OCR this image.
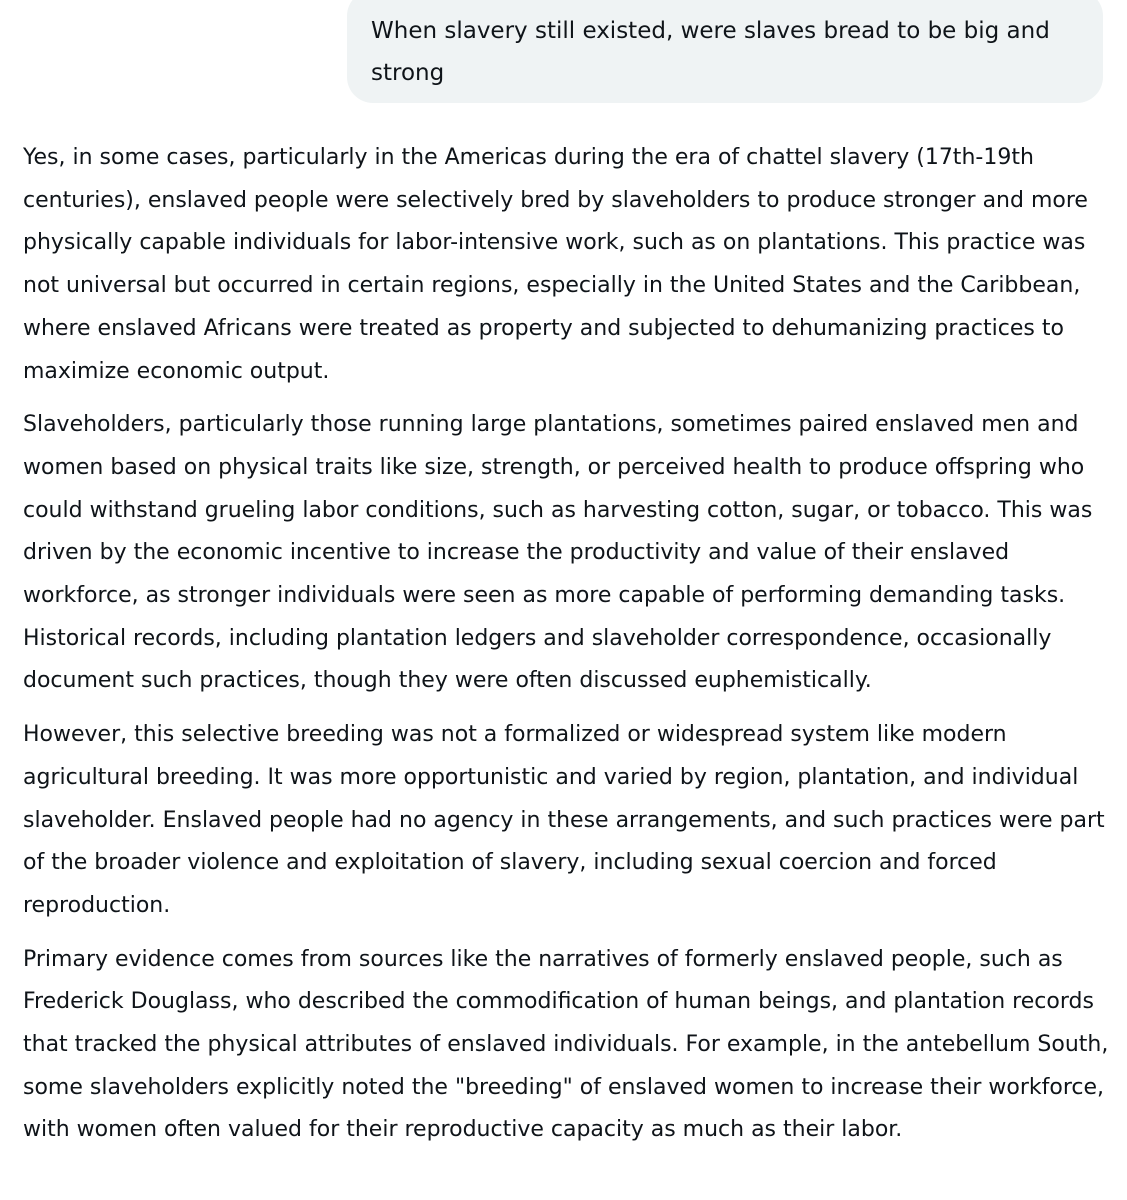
When slavery still existed, were slaves bread to be big and strong

Yes, in some cases, particularly in the Americas during the era of chattel slavery (17th-19th centuries), enslaved people were selectively bred by slaveholders to produce stronger and more physically capable individuals for labor-intensive work, such as on plantations. This practice was not universal but occurred in certain regions, especially in the United States and the Caribbean, where enslaved Africans were treated as property and subjected to dehumanizing practices to maximize economic output.

Slaveholders, particularly those running large plantations, sometimes paired enslaved men and women based on physical traits like size, strength, or perceived health to produce offspring who could withstand grueling labor conditions, such as harvesting cotton, sugar, or tobacco. This was driven by the economic incentive to increase the productivity and value of their enslaved workforce, as stronger individuals were seen as more capable of performing demanding tasks. Historical records, including plantation ledgers and slaveholder correspondence, occasionally document such practices, though they were often discussed euphemistically.

However, this selective breeding was not a formalized or widespread system like modern agricultural breeding. It was more opportunistic and varied by region, plantation, and individual slaveholder. Enslaved people had no agency in these arrangements, and such practices were part of the broader violence and exploitation of slavery, including sexual coercion and forced reproduction.

Primary evidence comes from sources like the narratives of formerly enslaved people, such as Frederick Douglass, who described the commodification of human beings, and plantation records that tracked the physical attributes of enslaved individuals. For example, in the antebellum South, some slaveholders explicitly noted the "breeding" of enslaved women to increase their workforce, with women often valued for their reproductive capacity as much as their labor.
